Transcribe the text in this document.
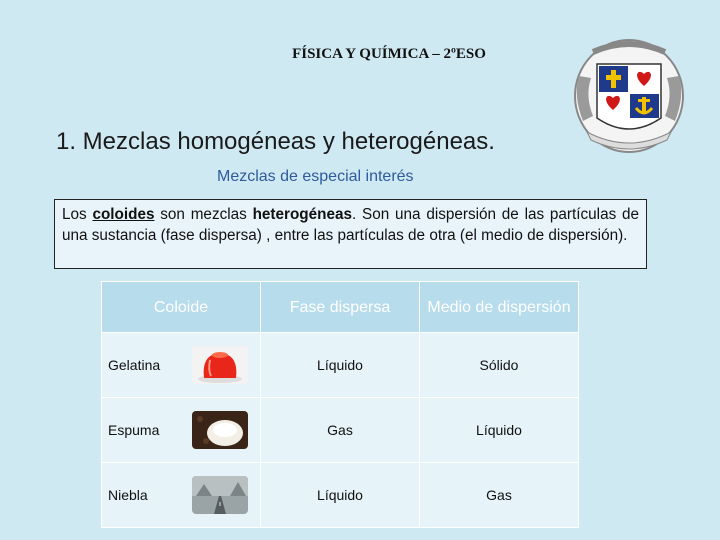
FÍSICA Y QUÍMICA – 2ºESO
1. Mezclas homogéneas y heterogéneas.
Mezclas de especial interés
Los coloides son mezclas heterogéneas. Son una dispersión de las partículas de una sustancia (fase dispersa) , entre las partículas de otra (el medio de dispersión).
Coloide	Fase dispersa	Medio de dispersión
Gelatina	Líquido	Sólido
Espuma	Gas	Líquido
Niebla	Líquido	Gas
